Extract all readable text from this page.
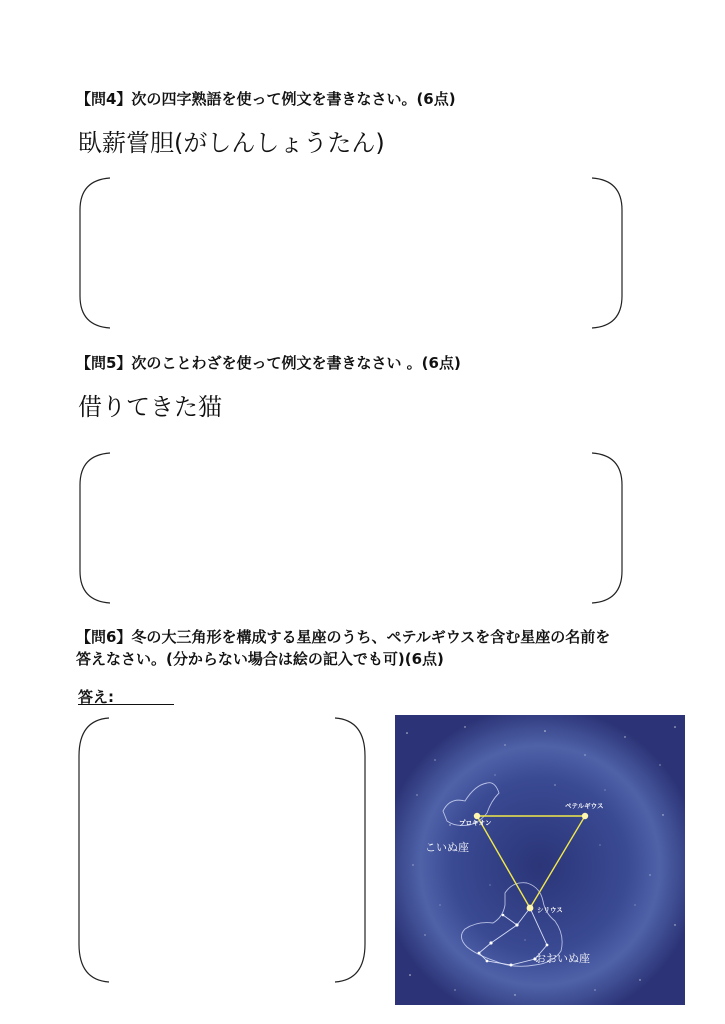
【問4】次の四字熟語を使って例文を書きなさい。(6点)
臥薪嘗胆(がしんしょうたん)
【問5】次のことわざを使って例文を書きなさい 。(6点)
借りてきた猫
【問6】冬の大三角形を構成する星座のうち、ペテルギウスを含む星座の名前を
答えなさい。(分からない場合は絵の記入でも可)(6点)
答え:
ペテルギウス
プロキオン
シリウス
こいぬ座
おおいぬ座
